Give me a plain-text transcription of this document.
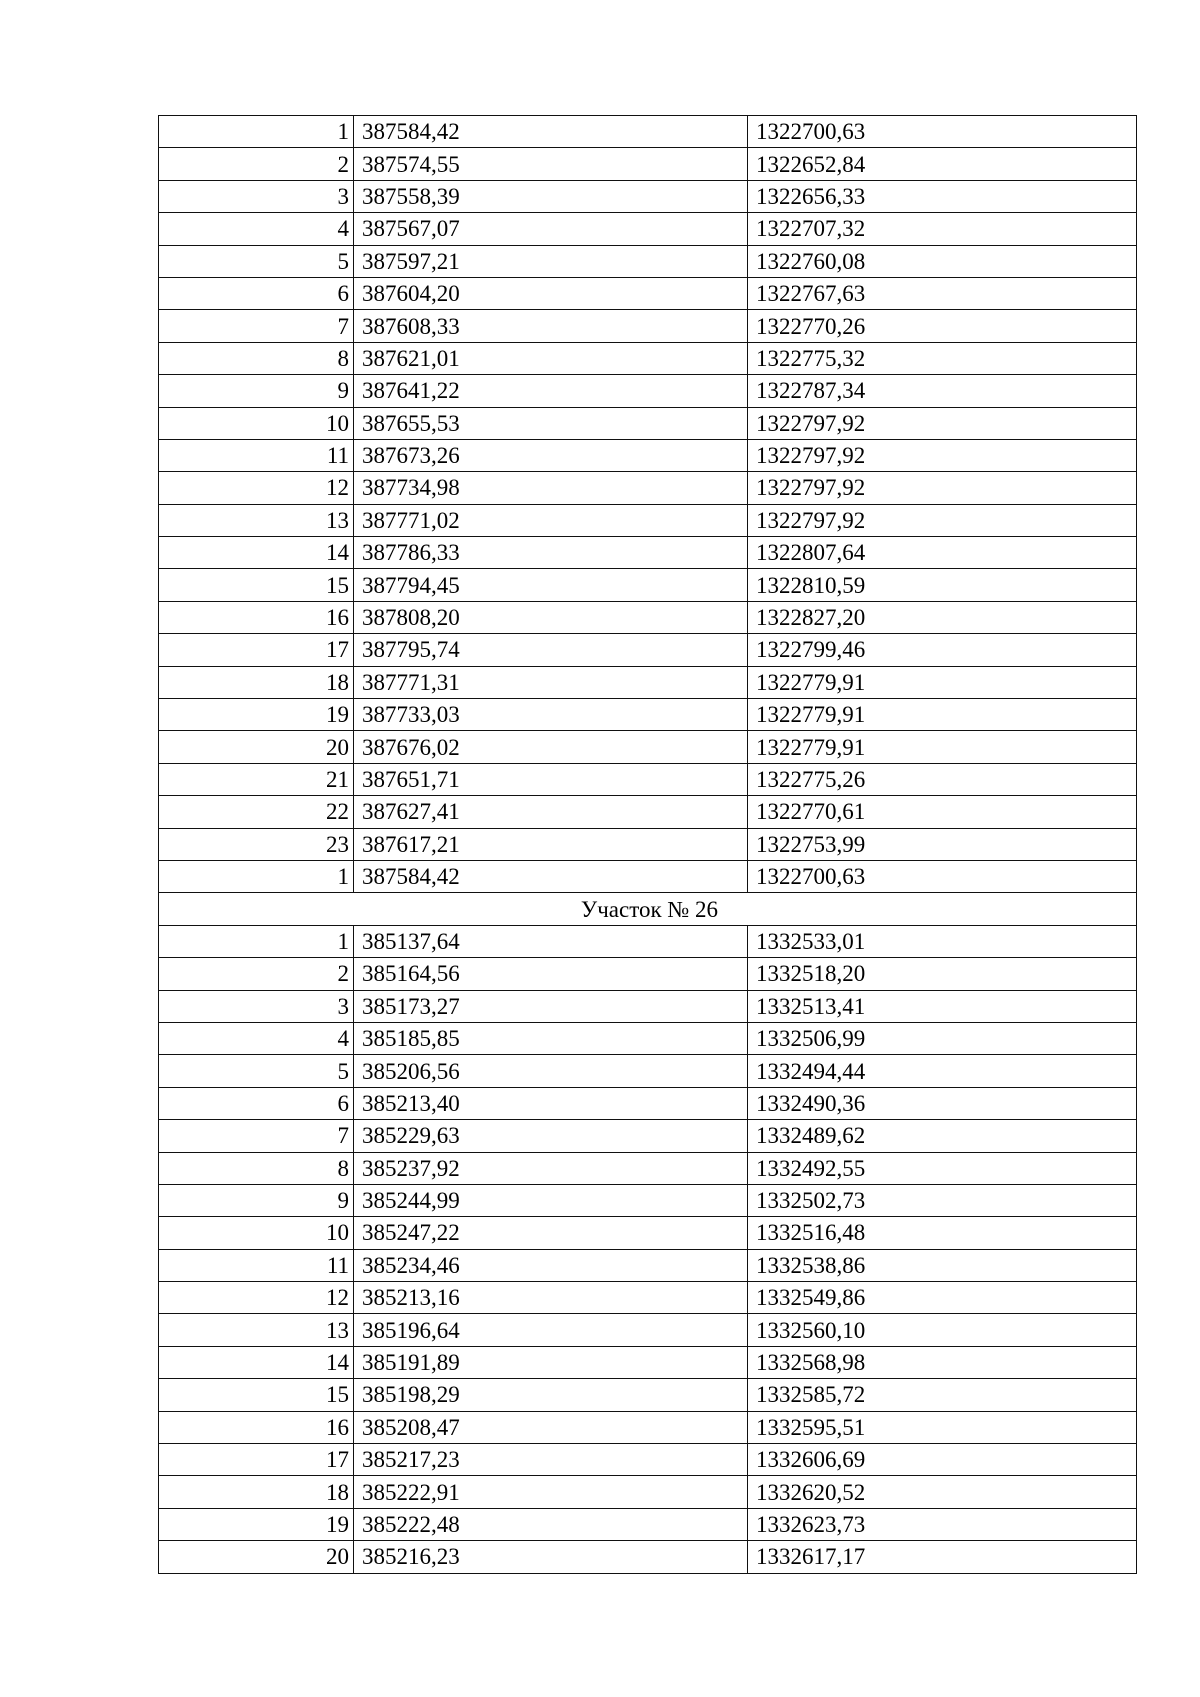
1	387584,42	1322700,63
2	387574,55	1322652,84
3	387558,39	1322656,33
4	387567,07	1322707,32
5	387597,21	1322760,08
6	387604,20	1322767,63
7	387608,33	1322770,26
8	387621,01	1322775,32
9	387641,22	1322787,34
10	387655,53	1322797,92
11	387673,26	1322797,92
12	387734,98	1322797,92
13	387771,02	1322797,92
14	387786,33	1322807,64
15	387794,45	1322810,59
16	387808,20	1322827,20
17	387795,74	1322799,46
18	387771,31	1322779,91
19	387733,03	1322779,91
20	387676,02	1322779,91
21	387651,71	1322775,26
22	387627,41	1322770,61
23	387617,21	1322753,99
1	387584,42	1322700,63
Участок № 26		
1	385137,64	1332533,01
2	385164,56	1332518,20
3	385173,27	1332513,41
4	385185,85	1332506,99
5	385206,56	1332494,44
6	385213,40	1332490,36
7	385229,63	1332489,62
8	385237,92	1332492,55
9	385244,99	1332502,73
10	385247,22	1332516,48
11	385234,46	1332538,86
12	385213,16	1332549,86
13	385196,64	1332560,10
14	385191,89	1332568,98
15	385198,29	1332585,72
16	385208,47	1332595,51
17	385217,23	1332606,69
18	385222,91	1332620,52
19	385222,48	1332623,73
20	385216,23	1332617,17
